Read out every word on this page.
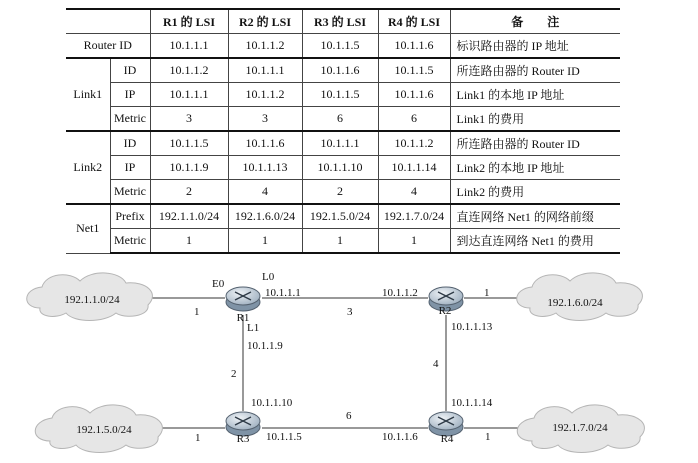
		R1 的 LSI	R2 的 LSI	R3 的 LSI	R4 的 LSI	备　　注
Router ID		10.1.1.1	10.1.1.2	10.1.1.5	10.1.1.6	标识路由器的 IP 地址
Link1	ID	10.1.1.2	10.1.1.1	10.1.1.6	10.1.1.5	所连路由器的 Router ID
	IP	10.1.1.1	10.1.1.2	10.1.1.5	10.1.1.6	Link1 的本地 IP 地址
	Metric	3	3	6	6	Link1 的费用
Link2	ID	10.1.1.5	10.1.1.6	10.1.1.1	10.1.1.2	所连路由器的 Router ID
	IP	10.1.1.9	10.1.1.13	10.1.1.10	10.1.1.14	Link2 的本地 IP 地址
	Metric	2	4	2	4	Link2 的费用
Net1	Prefix	192.1.1.0/24	192.1.6.0/24	192.1.5.0/24	192.1.7.0/24	直连网络 Net1 的网络前缀
	Metric	1	1	1	1	到达直连网络 Net1 的费用
192.1.1.0/24	192.1.6.0/24
192.1.5.0/24	192.1.7.0/24
R1
R2
R3	R4
E0
L0
L1
10.1.1.1	10.1.1.2
10.1.1.13
10.1.1.9
10.1.1.10	10.1.1.14
10.1.1.5	10.1.1.6
1	3
1
2
4
6
1	1
